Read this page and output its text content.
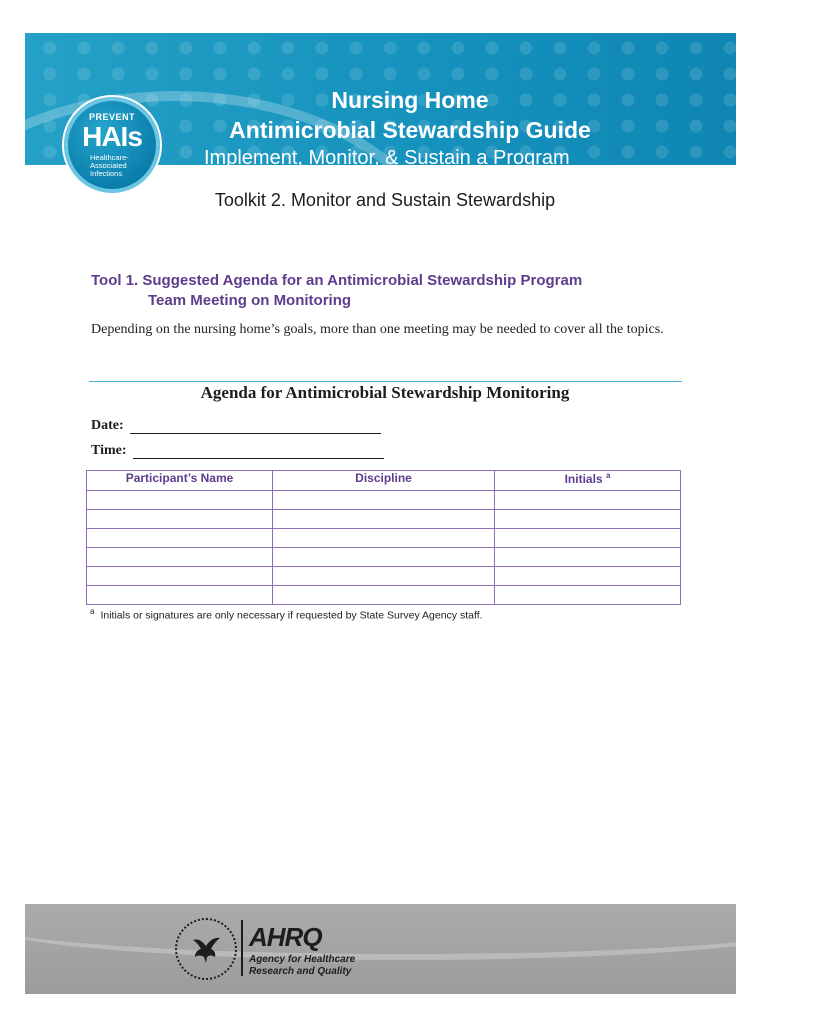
PREVENT
HAIs
Healthcare-
Associated
Infections
Nursing Home
Antimicrobial Stewardship Guide
Implement, Monitor, & Sustain a Program
Toolkit 2. Monitor and Sustain Stewardship
Tool 1. Suggested Agenda for an Antimicrobial Stewardship Program
Team Meeting on Monitoring
Depending on the nursing home’s goals, more than one meeting may be needed to cover all the topics.
Agenda for Antimicrobial Stewardship Monitoring
Date:
Time:
Participant’s Name	Discipline	Initials $^a$

$^a$ Initials or signatures are only necessary if requested by State Survey Agency staff.
AHRQ
Agency for Healthcare
Research and Quality
